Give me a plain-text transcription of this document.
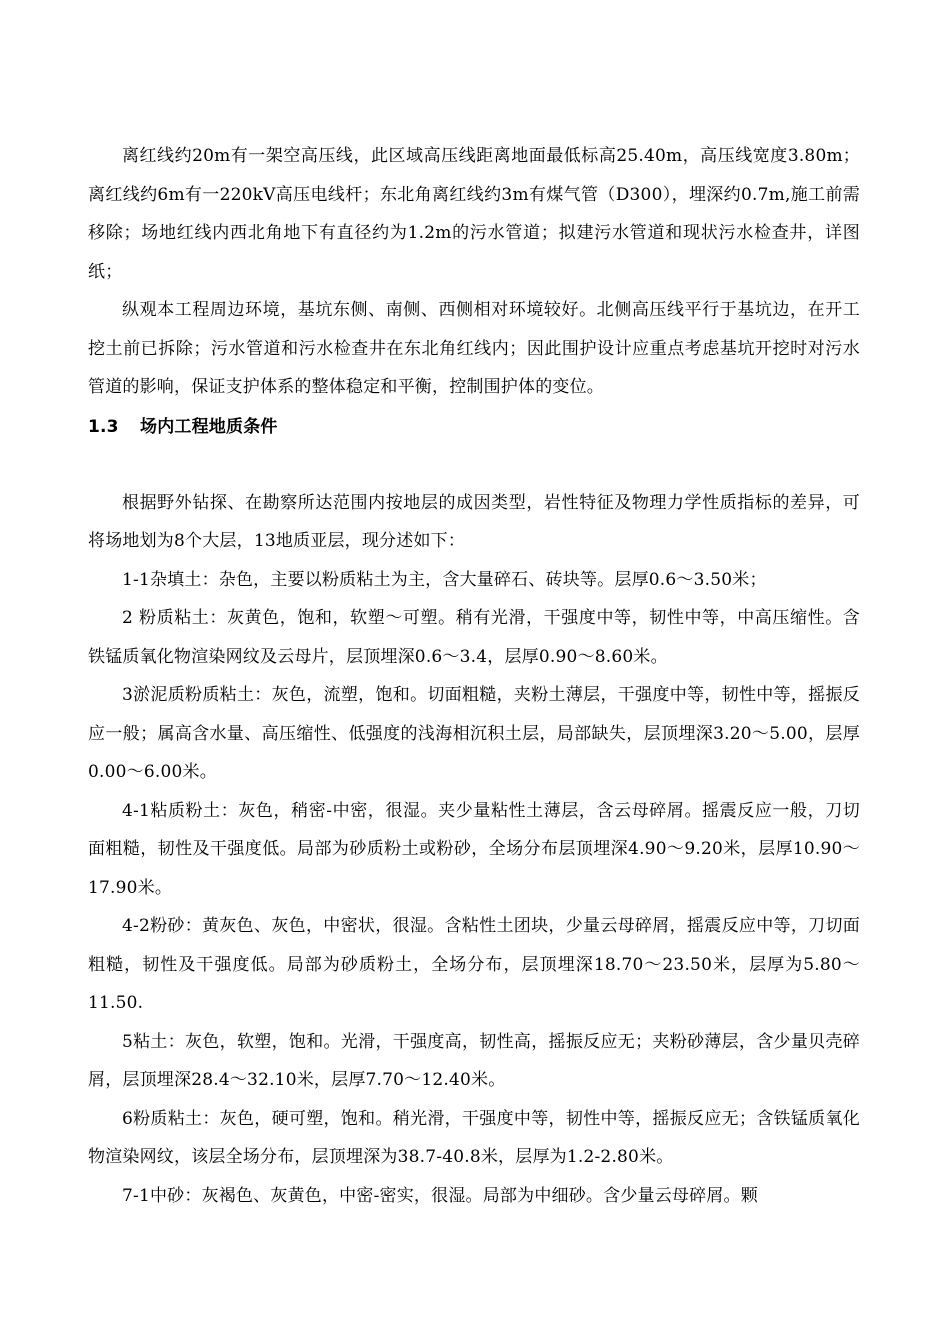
离红线约20m有一架空高压线，此区域高压线距离地面最低标高25.40m，高压线宽度3.80m；离红线约6m有一220kV高压电线杆；东北角离红线约3m有煤气管（D300），埋深约0.7m,施工前需移除；场地红线内西北角地下有直径约为1.2m的污水管道；拟建污水管道和现状污水检查井，详图纸；

纵观本工程周边环境，基坑东侧、南侧、西侧相对环境较好。北侧高压线平行于基坑边，在开工挖土前已拆除；污水管道和污水检查井在东北角红线内；因此围护设计应重点考虑基坑开挖时对污水管道的影响，保证支护体系的整体稳定和平衡，控制围护体的变位。

1.3 场内工程地质条件

根据野外钻探、在勘察所达范围内按地层的成因类型，岩性特征及物理力学性质指标的差异，可将场地划为8个大层，13地质亚层，现分述如下：

1-1杂填土：杂色，主要以粉质粘土为主，含大量碎石、砖块等。层厚0.6～3.50米；

2 粉质粘土：灰黄色，饱和，软塑～可塑。稍有光滑，干强度中等，韧性中等，中高压缩性。含铁锰质氧化物渲染网纹及云母片，层顶埋深0.6～3.4，层厚0.90～8.60米。

3淤泥质粉质粘土：灰色，流塑，饱和。切面粗糙，夹粉土薄层，干强度中等，韧性中等，摇振反应一般；属高含水量、高压缩性、低强度的浅海相沉积土层，局部缺失，层顶埋深3.20～5.00，层厚0.00～6.00米。

4-1粘质粉土：灰色，稍密-中密，很湿。夹少量粘性土薄层，含云母碎屑。摇震反应一般，刀切面粗糙，韧性及干强度低。局部为砂质粉土或粉砂，全场分布层顶埋深4.90～9.20米，层厚10.90～17.90米。

4-2粉砂：黄灰色、灰色，中密状，很湿。含粘性土团块，少量云母碎屑，摇震反应中等，刀切面粗糙，韧性及干强度低。局部为砂质粉土，全场分布，层顶埋深18.70～23.50米，层厚为5.80～11.50.

5粘土：灰色，软塑，饱和。光滑，干强度高，韧性高，摇振反应无；夹粉砂薄层，含少量贝壳碎屑，层顶埋深28.4～32.10米，层厚7.70～12.40米。

6粉质粘土：灰色，硬可塑，饱和。稍光滑，干强度中等，韧性中等，摇振反应无；含铁锰质氧化物渲染网纹，该层全场分布，层顶埋深为38.7-40.8米，层厚为1.2-2.80米。

7-1中砂：灰褐色、灰黄色，中密-密实，很湿。局部为中细砂。含少量云母碎屑。颗
